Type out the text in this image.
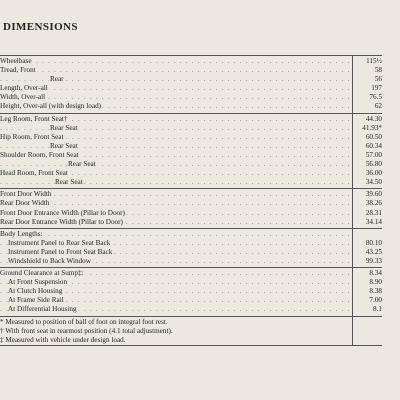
DIMENSIONS
Wheelbase . . .	115½
Tread, Front . . .	58
Rear . . .	56
Length, Over-all . . .	197
Width, Over-all . . .	76.5
Height, Over-all (with design load) . . .	62
Leg Room, Front Seat† . . .	44.30
Rear Seat . . .	41.93*
Hip Room, Front Seat . . .	60.50
Rear Seat . . .	60.34
Shoulder Room, Front Seat . . .	57.00
Rear Seat . . .	56.80
Head Room, Front Seat . . .	36.00
Rear Seat . . .	34.50
Front Door Width . . .	39.60
Rear Door Width . . .	38.26
Front Door Entrance Width (Pillar to Door) . . .	28.31
Rear Door Entrance Width (Pillar to Door) . . .	34.14
Body Lengths: . . .
Instrument Panel to Rear Seat Back . . .	80.10
Instrument Panel to Front Seat Back . . .	43.25
Windshield to Back Window . . .	99.33
Ground Clearance at Sump‡: . . .	8.34
At Front Suspension . . .	8.90
At Clutch Housing . . .	8.38
At Frame Side Rail . . .	7.00
At Differential Housing . . .	8.1
* Measured to position of ball of foot on integral foot rest.
† With front seat in rearmost position (4.1 total adjustment).
‡ Measured with vehicle under design load.
